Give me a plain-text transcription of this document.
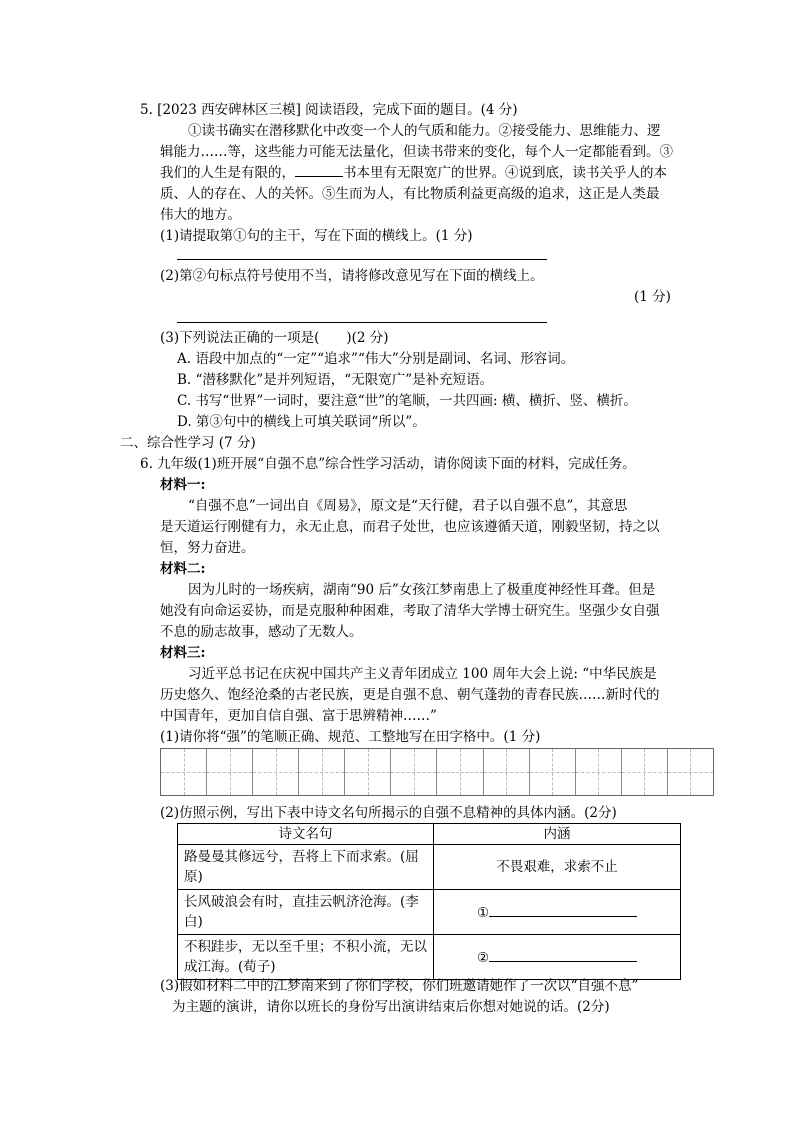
5. [2023 西安碑林区三模] 阅读语段，完成下面的题目。(4 分)
①读书确实在潜移默化中改变一个人的气质和能力。②接受能力、思维能力、逻
辑能力……等，这些能力可能无法量化，但读书带来的变化，每个人一定都能看到。③
我们的人生是有限的，	书本里有无限宽广的世界。④说到底，读书关乎人的本
质、人的存在、人的关怀。⑤生而为人，有比物质利益更高级的追求，这正是人类最
伟大的地方。
(1)请提取第①句的主干，写在下面的横线上。(1 分)
(2)第②句标点符号使用不当，请将修改意见写在下面的横线上。
(1 分)
(3)下列说法正确的一项是(　　)(2 分)
A. 语段中加点的“一定”“追求”“伟大”分别是副词、名词、形容词。
B. “潜移默化”是并列短语，“无限宽广”是补充短语。
C. 书写“世界”一词时，要注意“世”的笔顺，一共四画: 横、横折、竖、横折。
D. 第③句中的横线上可填关联词“所以”。
二、综合性学习 (7 分)
6. 九年级(1)班开展“自强不息”综合性学习活动，请你阅读下面的材料，完成任务。
材料一:
“自强不息”一词出自《周易》，原文是“天行健，君子以自强不息”，其意思
是天道运行刚健有力，永无止息，而君子处世，也应该遵循天道，刚毅坚韧，持之以
恒，努力奋进。
材料二:
因为儿时的一场疾病，湖南“90 后”女孩江梦南患上了极重度神经性耳聋。但是
她没有向命运妥协，而是克服种种困难，考取了清华大学博士研究生。坚强少女自强
不息的励志故事，感动了无数人。
材料三:
习近平总书记在庆祝中国共产主义青年团成立 100 周年大会上说: “中华民族是
历史悠久、饱经沧桑的古老民族，更是自强不息、朝气蓬勃的青春民族……新时代的
中国青年，更加自信自强、富于思辨精神……”
(1)请你将“强”的笔顺正确、规范、工整地写在田字格中。(1 分)
(2)仿照示例，写出下表中诗文名句所揭示的自强不息精神的具体内涵。(2分)
诗文名句	内涵
路曼曼其修远兮，吾将上下而求索。(屈原)	不畏艰难，求索不止
长风破浪会有时，直挂云帆济沧海。(李白)	①
不积跬步，无以至千里；不积小流，无以成江海。(荀子)	②
(3)假如材料二中的江梦南来到了你们学校，你们班邀请她作了一次以“自强不息”
为主题的演讲，请你以班长的身份写出演讲结束后你想对她说的话。(2分)
